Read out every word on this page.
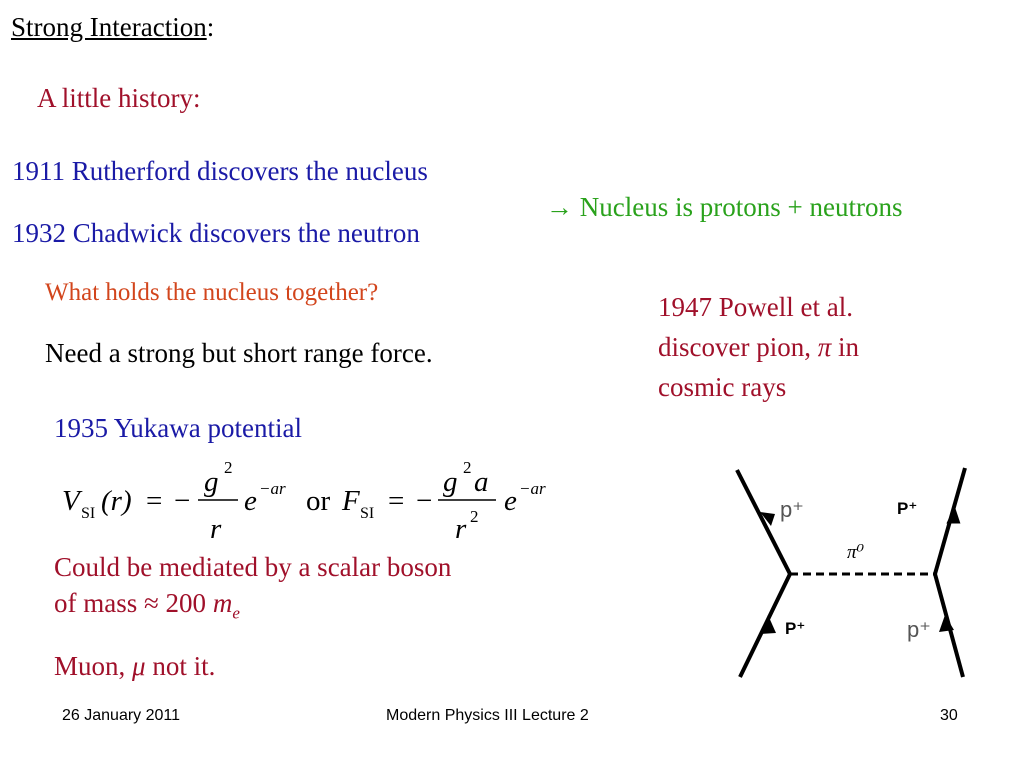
Strong Interaction:
A little history:
1911 Rutherford discovers the nucleus
1932 Chadwick discovers the neutron
→ Nucleus is protons + neutrons
What holds the nucleus together?
Need a strong but short range force.
1947 Powell et al.
discover pion, π in
cosmic rays
1935 Yukawa potential
V SI (r) = −
g 2
r
e −ar or F SI = −
g 2 a
r 2 e −ar
Could be mediated by a scalar boson
of mass ≈ 200 $m_e$
Muon, μ not it.
p⁺	P⁺
π⁰
P⁺	p⁺
26 January 2011	Modern Physics III Lecture 2	30
